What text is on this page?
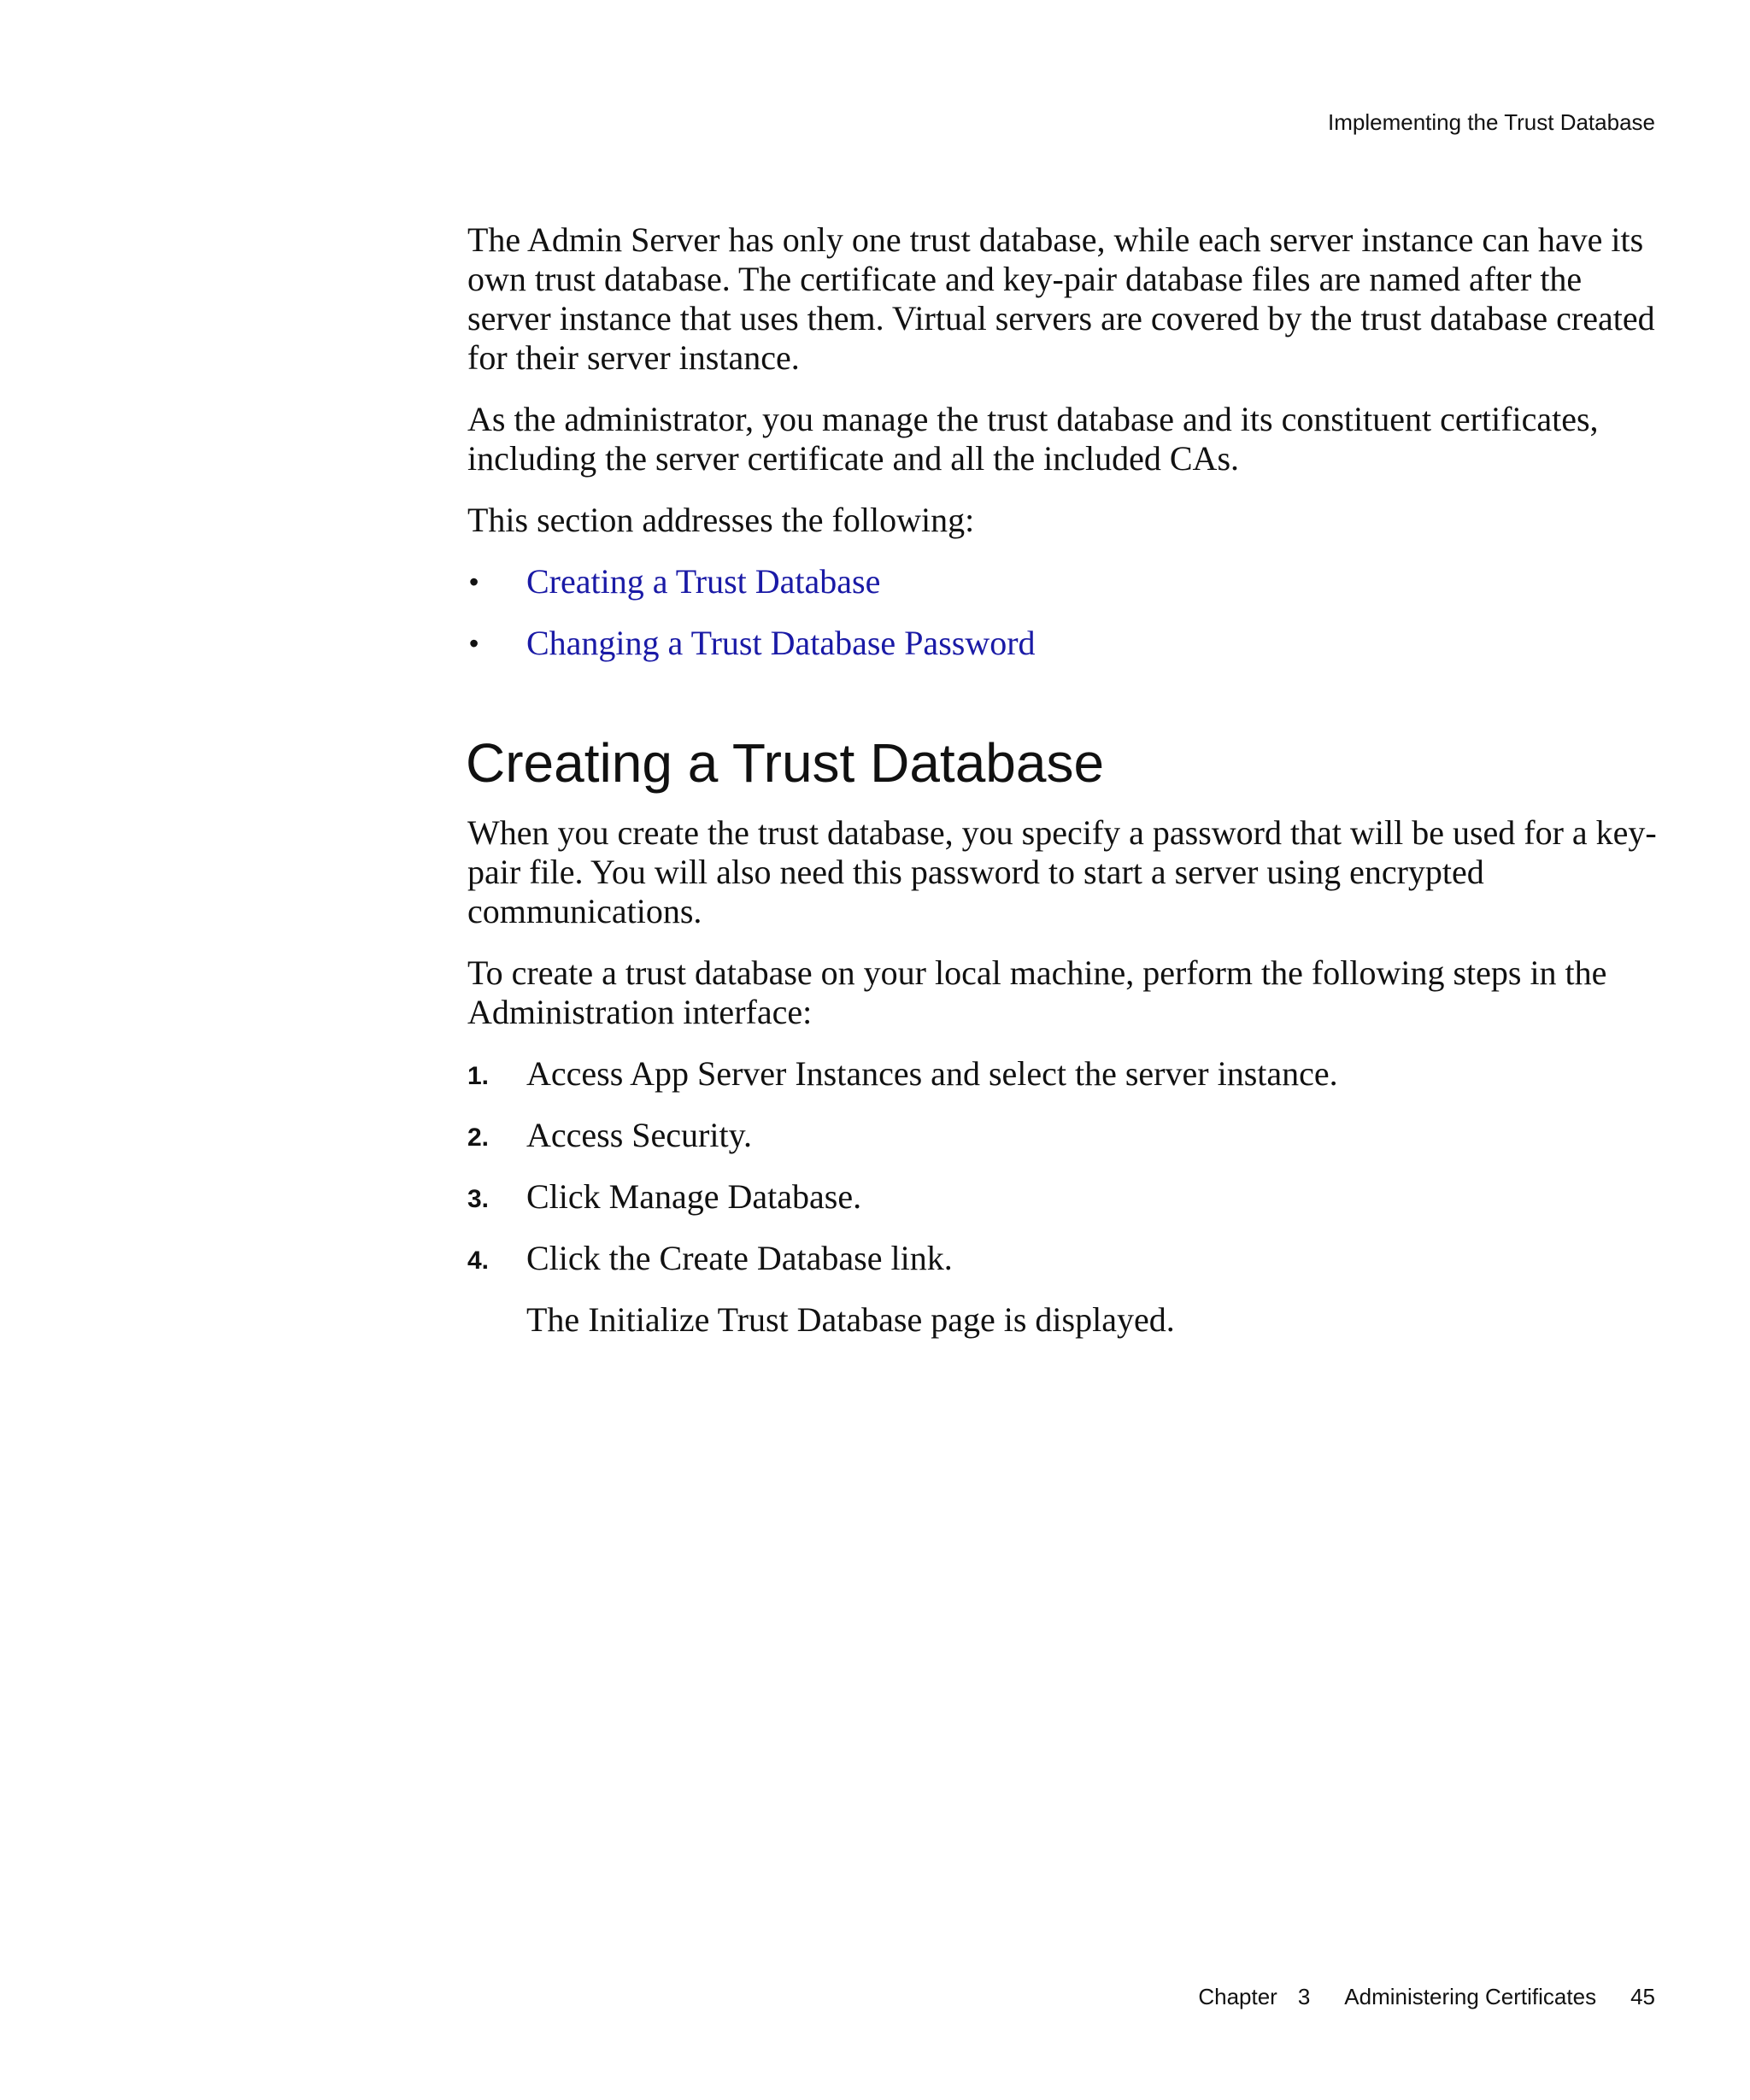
Implementing the Trust Database

The Admin Server has only one trust database, while each server instance can have its own trust database. The certificate and key-pair database files are named after the server instance that uses them. Virtual servers are covered by the trust database created for their server instance.

As the administrator, you manage the trust database and its constituent certificates, including the server certificate and all the included CAs.

This section addresses the following:

• Creating a Trust Database
• Changing a Trust Database Password
Creating a Trust Database

When you create the trust database, you specify a password that will be used for a key-pair file. You will also need this password to start a server using encrypted communications.

To create a trust database on your local machine, perform the following steps in the Administration interface:

1. Access App Server Instances and select the server instance.
2. Access Security.
3. Click Manage Database.
4. Click the Create Database link.

The Initialize Trust Database page is displayed.

Chapter 3 Administering Certificates 45
